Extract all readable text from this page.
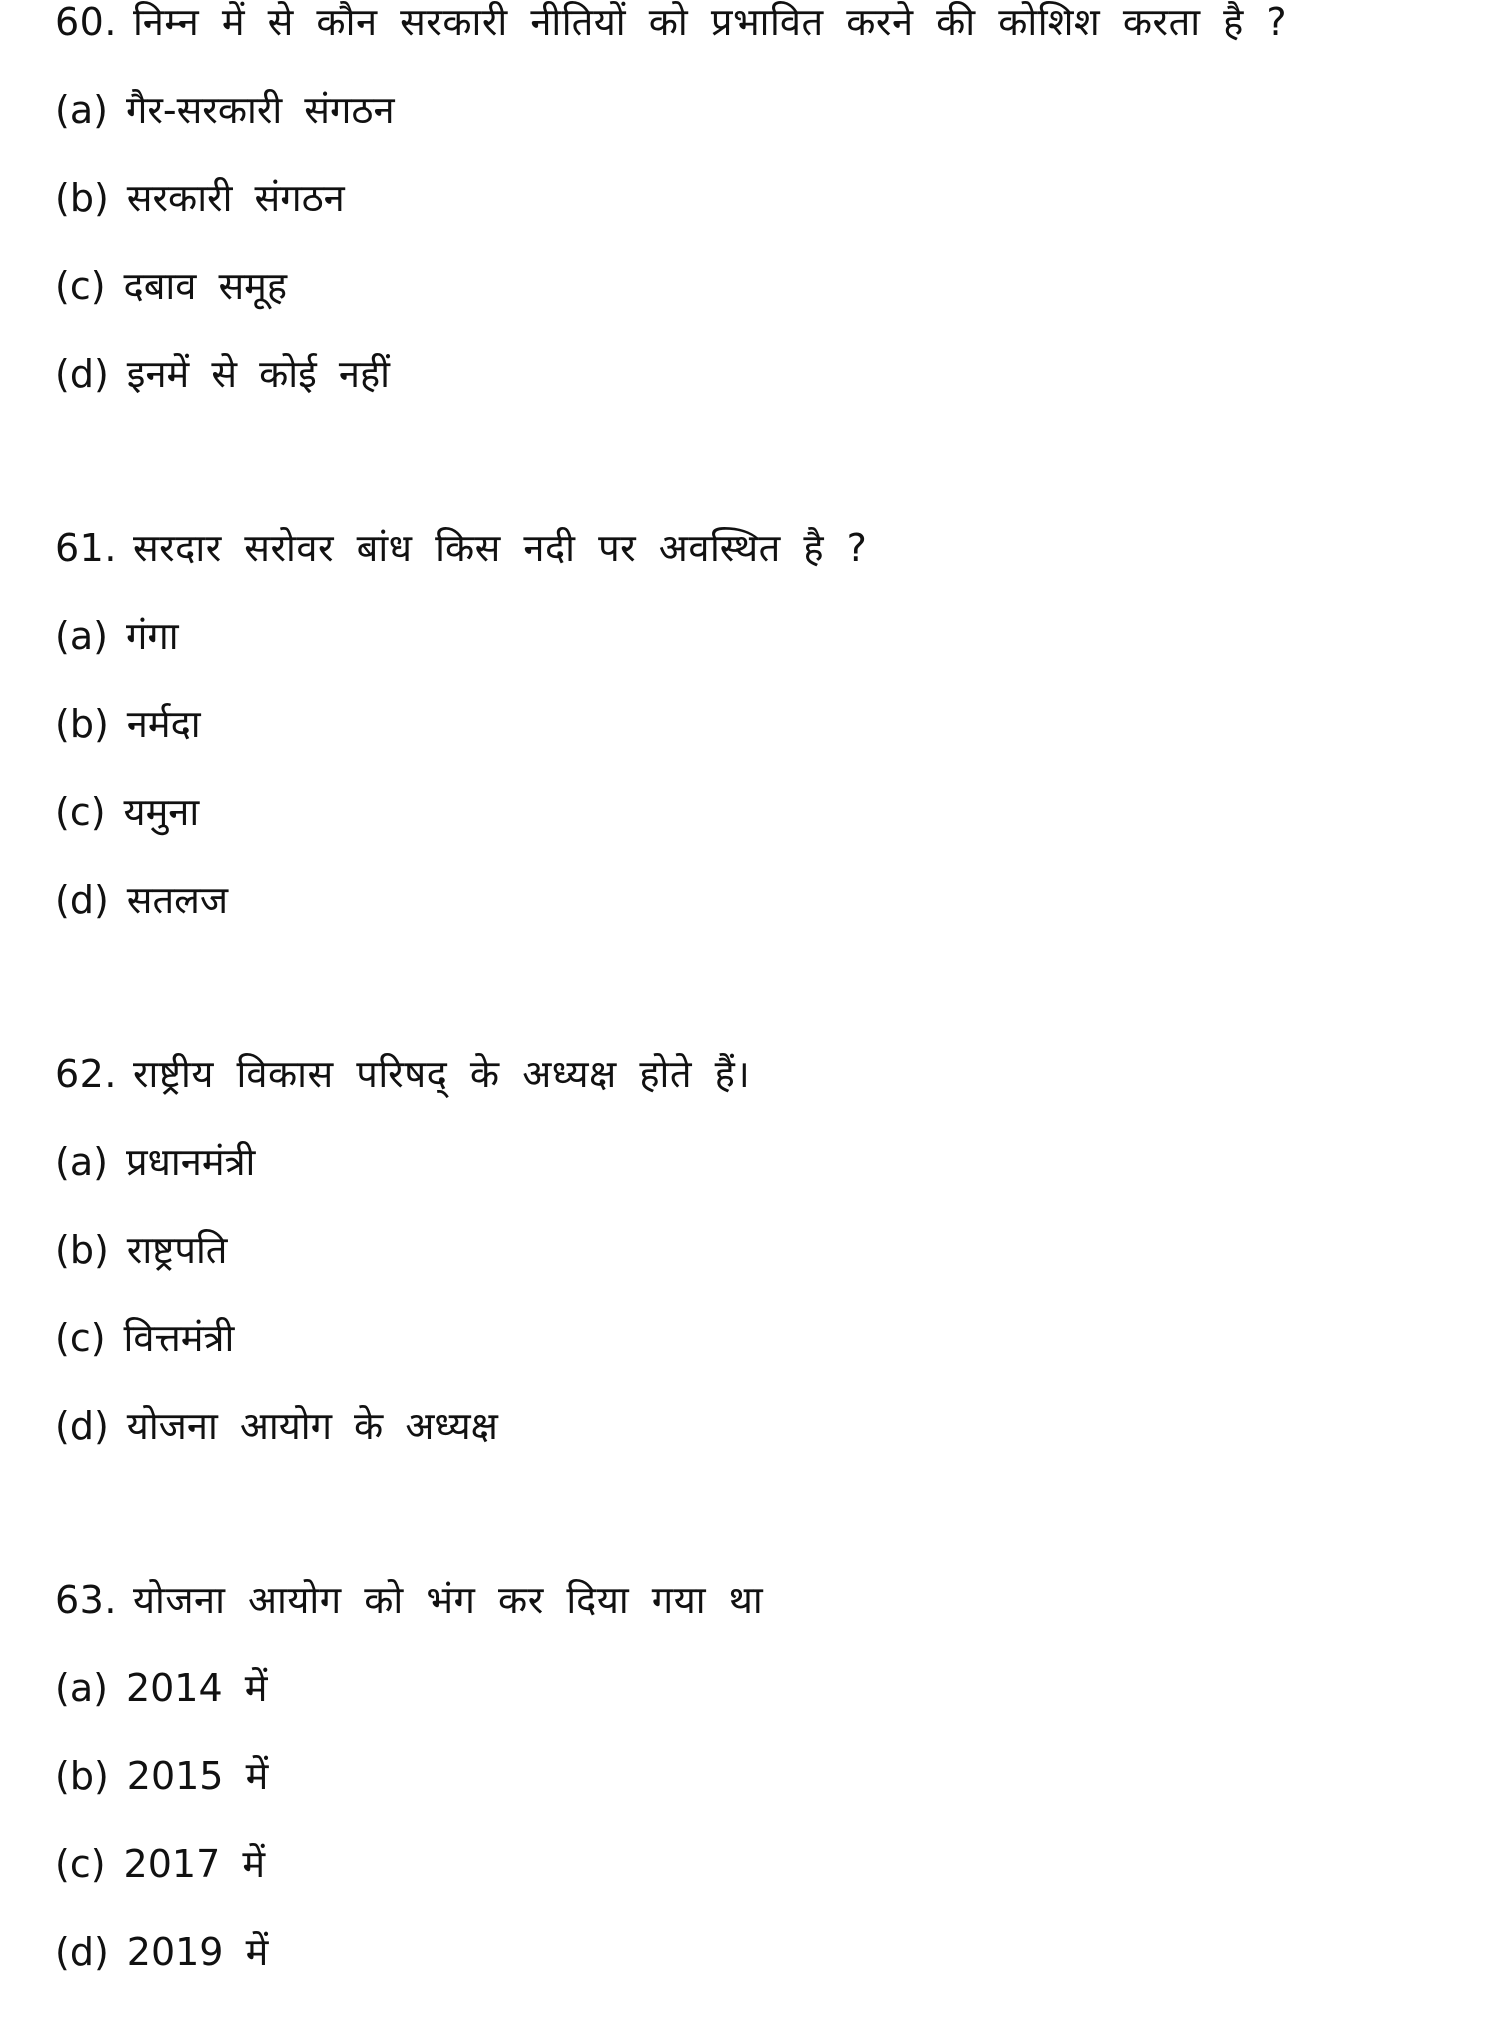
60. निम्न में से कौन सरकारी नीतियों को प्रभावित करने की कोशिश करता है ?
(a) गैर-सरकारी संगठन
(b) सरकारी संगठन
(c) दबाव समूह
(d) इनमें से कोई नहीं
61. सरदार सरोवर बांध किस नदी पर अवस्थित है ?
(a) गंगा
(b) नर्मदा
(c) यमुना
(d) सतलज
62. राष्ट्रीय विकास परिषद् के अध्यक्ष होते हैं।
(a) प्रधानमंत्री
(b) राष्ट्रपति
(c) वित्तमंत्री
(d) योजना आयोग के अध्यक्ष
63. योजना आयोग को भंग कर दिया गया था
(a) 2014 में
(b) 2015 में
(c) 2017 में
(d) 2019 में
